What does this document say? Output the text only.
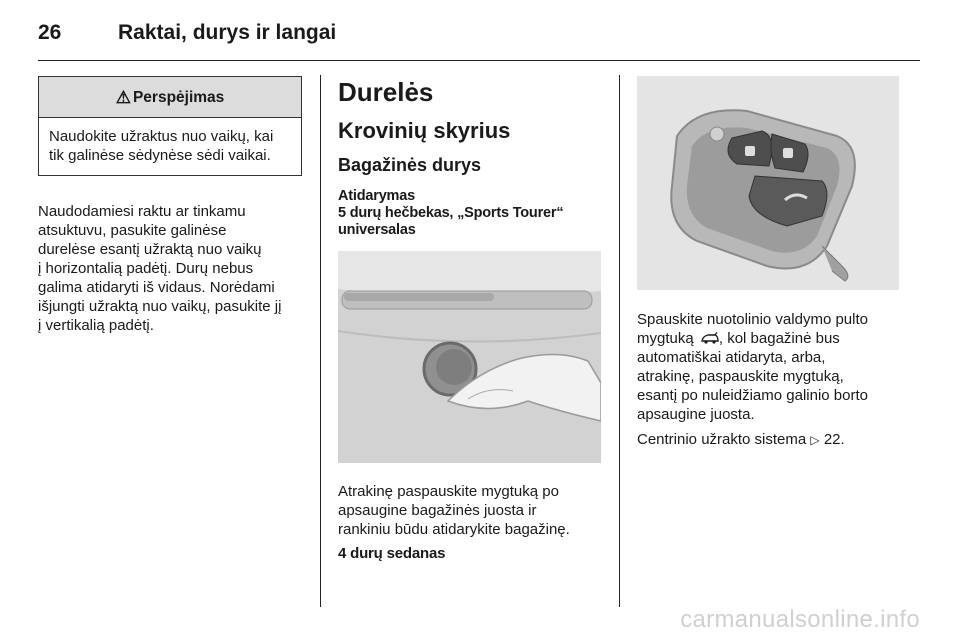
26	Raktai, durys ir langai
⚠ Perspėjimas
Naudokite užraktus nuo vaikų, kai
tik galinėse sėdynėse sėdi vaikai.
Naudodamiesi raktu ar tinkamu
atsuktuvu, pasukite galinėse
durelėse esantį užraktą nuo vaikų
į horizontalią padėtį. Durų nebus
galima atidaryti iš vidaus. Norėdami
išjungti užraktą nuo vaikų, pasukite jį
į vertikalią padėtį.
Durelės
Krovinių skyrius
Bagažinės durys
Atidarymas
5 durų hečbekas, „Sports Tourer“
universalas
Atrakinę paspauskite mygtuką po
apsaugine bagažinės juosta ir
rankiniu būdu atidarykite bagažinę.
4 durų sedanas
Spauskite nuotolinio valdymo pulto
mygtuką , kol bagažinė bus
automatiškai atidaryta, arba,
atrakinę, paspauskite mygtuką,
esantį po nuleidžiamo galinio borto
apsaugine juosta.
Centrinio užrakto sistema ▷ 22.
carmanualsonline.info
